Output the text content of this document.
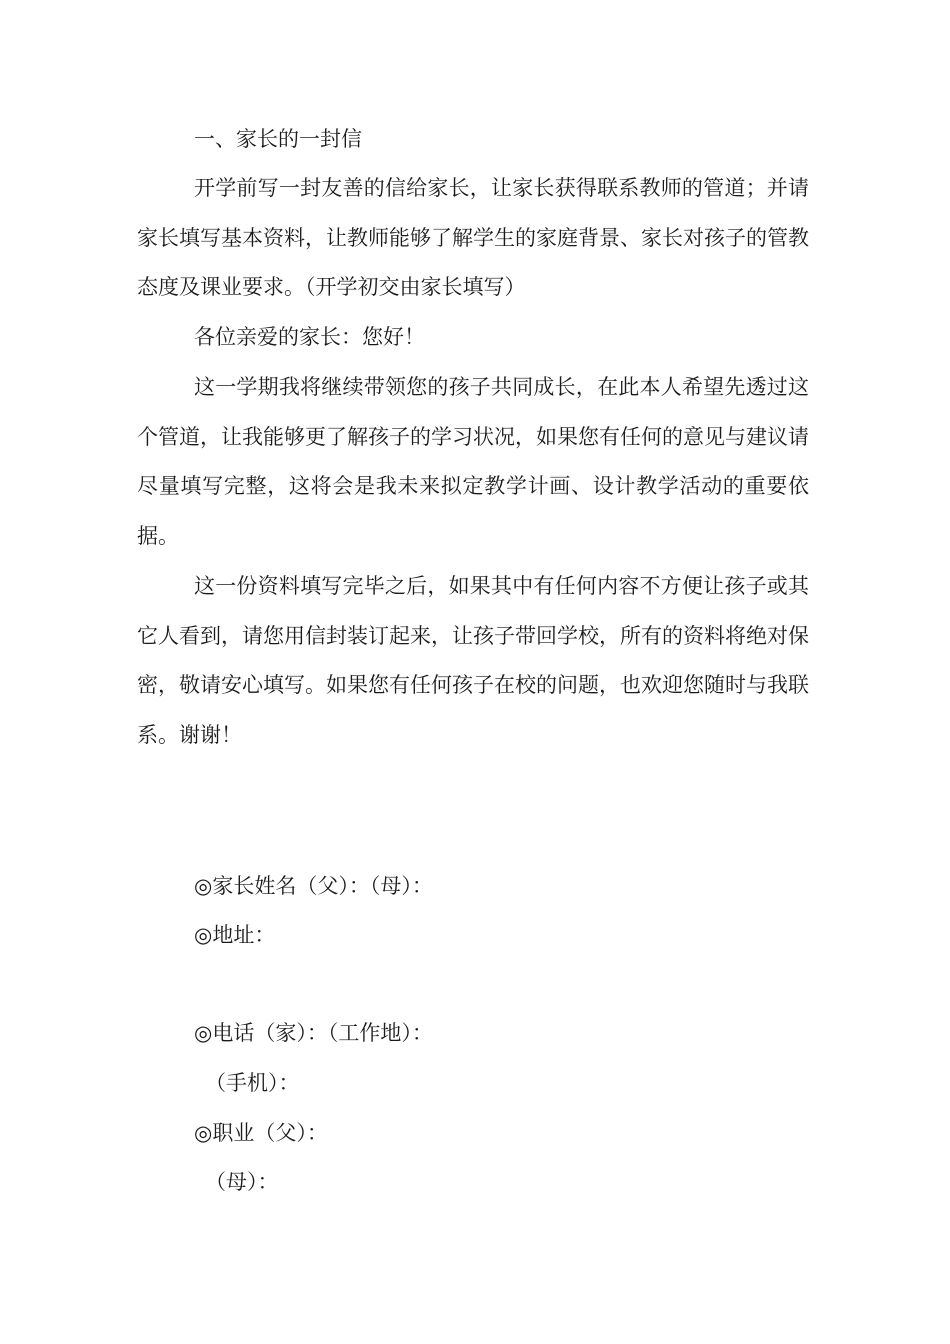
一、家长的一封信

开学前写一封友善的信给家长，让家长获得联系教师的管道；并请家长填写基本资料，让教师能够了解学生的家庭背景、家长对孩子的管教态度及课业要求。（开学初交由家长填写）

各位亲爱的家长：您好！

这一学期我将继续带领您的孩子共同成长，在此本人希望先透过这个管道，让我能够更了解孩子的学习状况，如果您有任何的意见与建议请尽量填写完整，这将会是我未来拟定教学计画、设计教学活动的重要依据。

这一份资料填写完毕之后，如果其中有任何内容不方便让孩子或其它人看到，请您用信封装订起来，让孩子带回学校，所有的资料将绝对保密，敬请安心填写。如果您有任何孩子在校的问题，也欢迎您随时与我联系。谢谢！

◎家长姓名（父）：（母）：

◎地址：

◎电话（家）：（工作地）：

（手机）：

◎职业（父）：

（母）：
